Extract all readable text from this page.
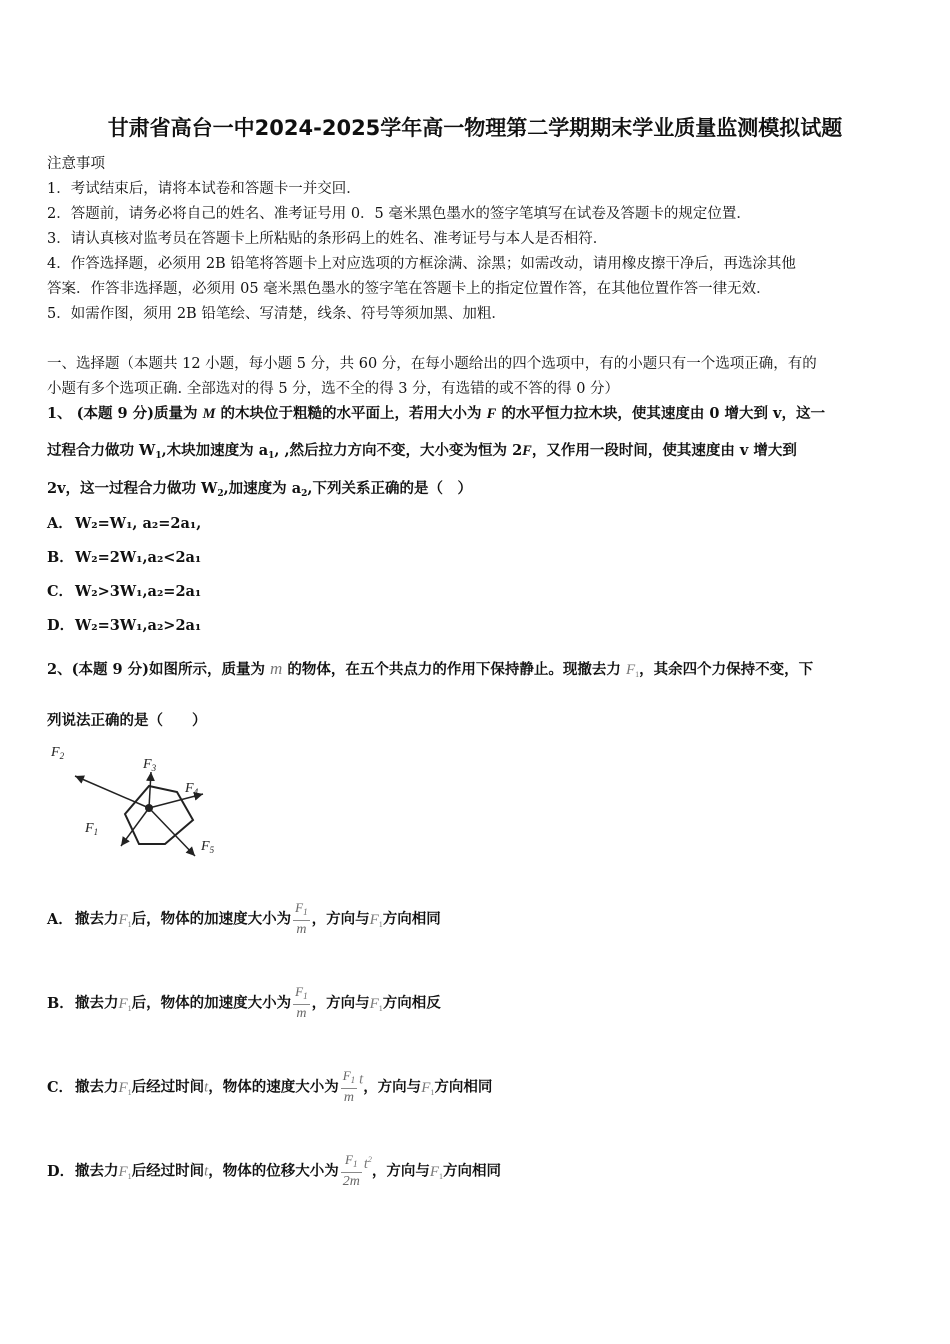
甘肃省高台一中2024-2025学年高一物理第二学期期末学业质量监测模拟试题
注意事项
1．考试结束后，请将本试卷和答题卡一并交回．
2．答题前，请务必将自己的姓名、准考证号用 0．5 毫米黑色墨水的签字笔填写在试卷及答题卡的规定位置．
3．请认真核对监考员在答题卡上所粘贴的条形码上的姓名、准考证号与本人是否相符．
4．作答选择题，必须用 2B 铅笔将答题卡上对应选项的方框涂满、涂黑；如需改动，请用橡皮擦干净后，再选涂其他
答案．作答非选择题，必须用 05 毫米黑色墨水的签字笔在答题卡上的指定位置作答，在其他位置作答一律无效．
5．如需作图，须用 2B 铅笔绘、写清楚，线条、符号等须加黑、加粗．
一、选择题（本题共 12 小题，每小题 5 分，共 60 分，在每小题给出的四个选项中，有的小题只有一个选项正确，有的
小题有多个选项正确. 全部选对的得 5 分，选不全的得 3 分，有选错的或不答的得 0 分）
1、 (本题 9 分)质量为 M 的木块位于粗糙的水平面上，若用大小为 F 的水平恒力拉木块，使其速度由 0 增大到 v，这一
过程合力做功 $W_1$,木块加速度为 $a_1$, ,然后拉力方向不变，大小变为恒为 2F，又作用一段时间，使其速度由 v 增大到
2v，这一过程合力做功 $W_2$,加速度为 $a_2$,下列关系正确的是（　）
A． W₂=W₁, a₂=2a₁,
B．W₂=2W₁,a₂<2a₁
C． W₂>3W₁,a₂=2a₁
D．W₂=3W₁,a₂>2a₁
2、(本题 9 分)如图所示，质量为 m 的物体，在五个共点力的作用下保持静止。现撤去力 $F_1$，其余四个力保持不变，下
列说法正确的是（　　）
$F_2$
$F_3$
$F_4$
$F_1$
$F_5$
A． 撤去力$F_1$后，物体的加速度大小为 $\frac{F_1}{m}$ ，方向与$F_1$方向相同
B．撤去力$F_1$后，物体的加速度大小为 $\frac{F_1}{m}$ ，方向与$F_1$方向相反
C． 撤去力$F_1$后经过时间t，物体的速度大小为 $\frac{F_1}{m}$ t，方向与$F_1$方向相同
D．撤去力$F_1$后经过时间t，物体的位移大小为 $\frac{F_1}{2m} t^2$，方向与$F_1$方向相同
